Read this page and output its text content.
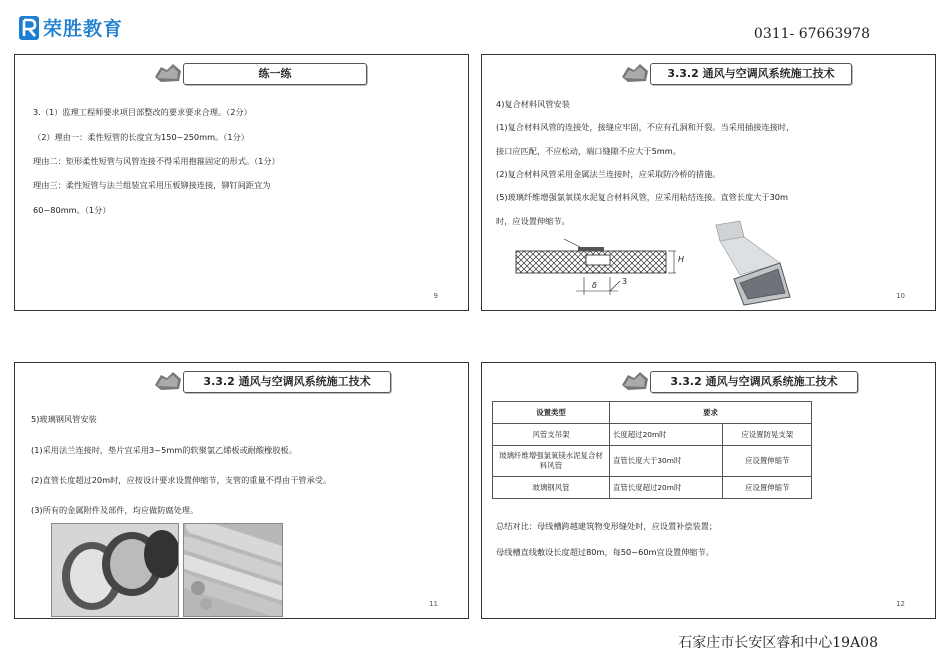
荣胜教育	0311- 67663978
练一练
3.（1）监理工程师要求项目部整改的要求要求合理。（2分）
（2）理由一：柔性短管的长度宜为150~250mm。（1分）
理由二：矩形柔性短管与风管连接不得采用抱箍固定的形式。（1分）
理由三：柔性短管与法兰组装宜采用压板铆接连接，铆钉间距宜为
60~80mm。（1分）
9
3.3.2 通风与空调风系统施工技术
4)复合材料风管安装
(1)复合材料风管的连接处，接缝应牢固，不应有孔洞和开裂。当采用插接连接时，
接口应匹配，不应松动，端口缝隙不应大于5mm。
(2)复合材料风管采用金属法兰连接时，应采取防冷桥的措施。
(5)玻璃纤维增强氯氧镁水泥复合材料风管，应采用粘结连接。直管长度大于30m
时，应设置伸缩节。
δ	3
H
10
3.3.2 通风与空调风系统施工技术
5)玻璃钢风管安装
(1)采用法兰连接时，垫片宜采用3~5mm的软聚氯乙烯板或耐酸橡胶板。
(2)直管长度超过20m时，应按设计要求设置伸缩节，支管的重量不得由干管承受。
(3)所有的金属附件及部件，均应做防腐处理。
11
3.3.2 通风与空调风系统施工技术
设置类型	要求	
风管支吊架	长度超过20m时	应设置防晃支架
玻璃纤维增强氯氧镁水泥复合材料风管	直管长度大于30m时	应设置伸缩节
玻璃钢风管	直管长度超过20m时	应设置伸缩节
总结对比：母线槽跨越建筑物变形缝处时，应设置补偿装置；
母线槽直线敷设长度超过80m，每50~60m宜设置伸缩节。
12
石家庄市长安区睿和中心19A08
